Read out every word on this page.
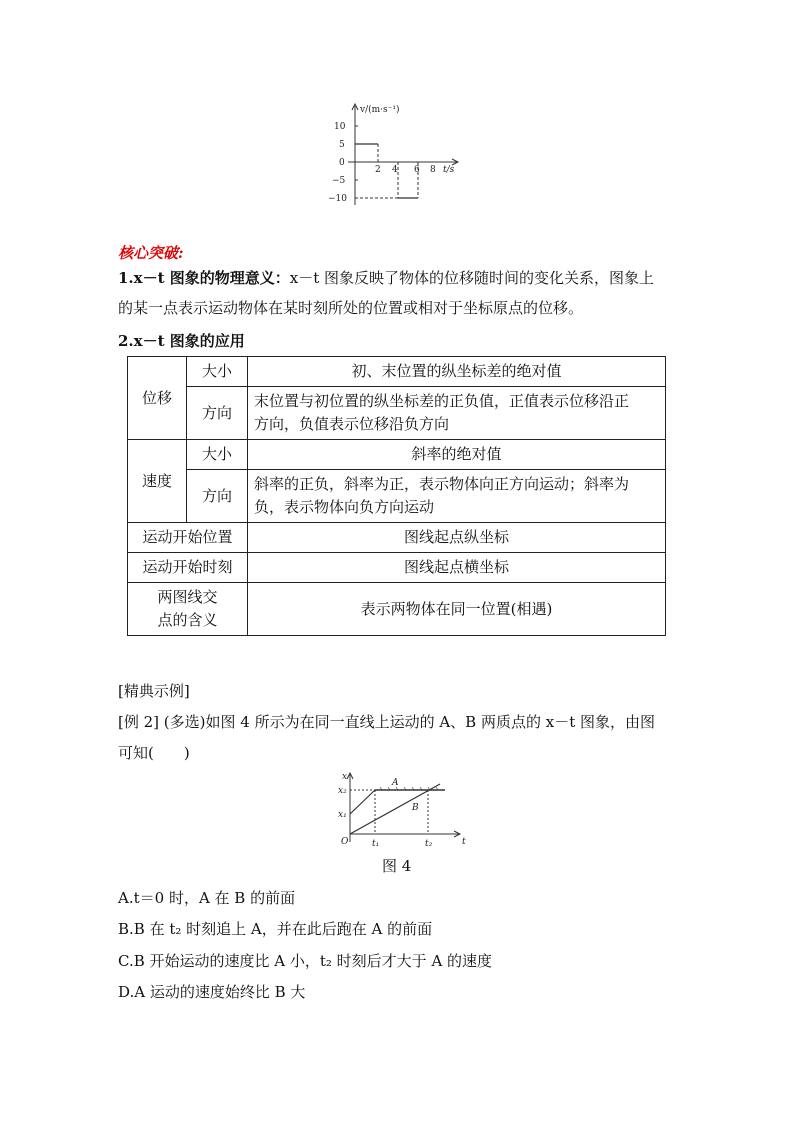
v/(m·s⁻¹)
10
5
0
−5
−10
2 4 6 8 t/s
核心突破:
1.x－t 图象的物理意义：x－t 图象反映了物体的位移随时间的变化关系，图象上
的某一点表示运动物体在某时刻所处的位置或相对于坐标原点的位移。
2.x－t 图象的应用
位移	大小	初、末位置的纵坐标差的绝对值
	方向	末位置与初位置的纵坐标差的正负值，正值表示位移沿正
方向，负值表示位移沿负方向
速度	大小	斜率的绝对值
	方向	斜率的正负，斜率为正，表示物体向正方向运动；斜率为
负，表示物体向负方向运动
运动开始位置		图线起点纵坐标
运动开始时刻		图线起点横坐标
两图线交
点的含义		表示两物体在同一位置(相遇)
[精典示例]
[例 2] (多选)如图 4 所示为在同一直线上运动的 A、B 两质点的 x－t 图象，由图
可知(　　)
x
x₂
x₁
O	t₁	t₂	t
A
B
图 4
A.t＝0 时，A 在 B 的前面
B.B 在 t₂ 时刻追上 A，并在此后跑在 A 的前面
C.B 开始运动的速度比 A 小，t₂ 时刻后才大于 A 的速度
D.A 运动的速度始终比 B 大
